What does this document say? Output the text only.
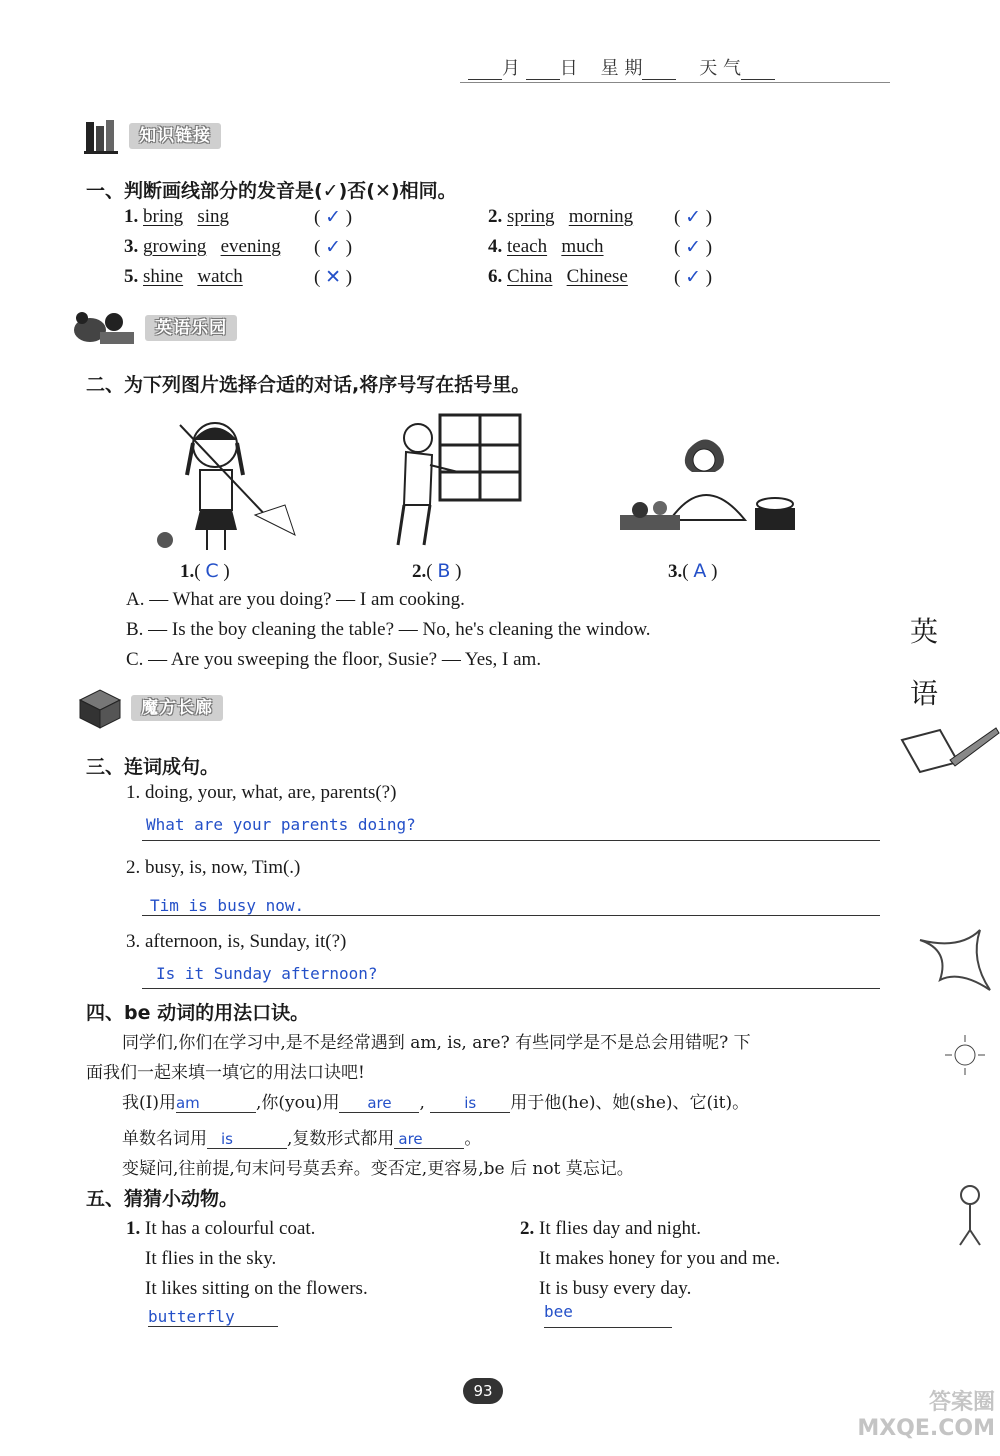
月 日 星 期	天 气
知识链接
一、判断画线部分的发音是(✓)否(✕)相同。
1. bring sing	( ✓ )	2. spring morning ( ✓ )
3. growing evening ( ✓ )	4. teach much	( ✓ )
5. shine watch	( ✕ )	6. China Chinese ( ✓ )
英语乐园
二、为下列图片选择合适的对话,将序号写在括号里。
1.( C )	2.( B )	3.( A )
A. — What are you doing? — I am cooking.
B. — Is the boy cleaning the table? — No, he's cleaning the window.
C. — Are you sweeping the floor, Susie? — Yes, I am.
魔方长廊
三、连词成句。
1. doing, your, what, are, parents(?)
What are your parents doing?
2. busy, is, now, Tim(.)
Tim is busy now.
3. afternoon, is, Sunday, it(?)
Is it Sunday afternoon?
四、be 动词的用法口诀。
同学们,你们在学习中,是不是经常遇到 am, is, are? 有些同学是不是总会用错呢? 下
面我们一起来填一填它的用法口诀吧!
我(I)用am	,你(you)用 are ,	is 用于他(he)、她(she)、它(it)。
单数名词用 is	,复数形式都用 are 。
变疑问,往前提,句末问号莫丢弃。变否定,更容易,be 后 not 莫忘记。
五、猜猜小动物。
1. It has a colourful coat.
It flies in the sky.
It likes sitting on the flowers.
butterfly
2. It flies day and night.
It makes honey for you and me.
It is busy every day.
bee
英
语
93	答案圈 MXQE.COM
